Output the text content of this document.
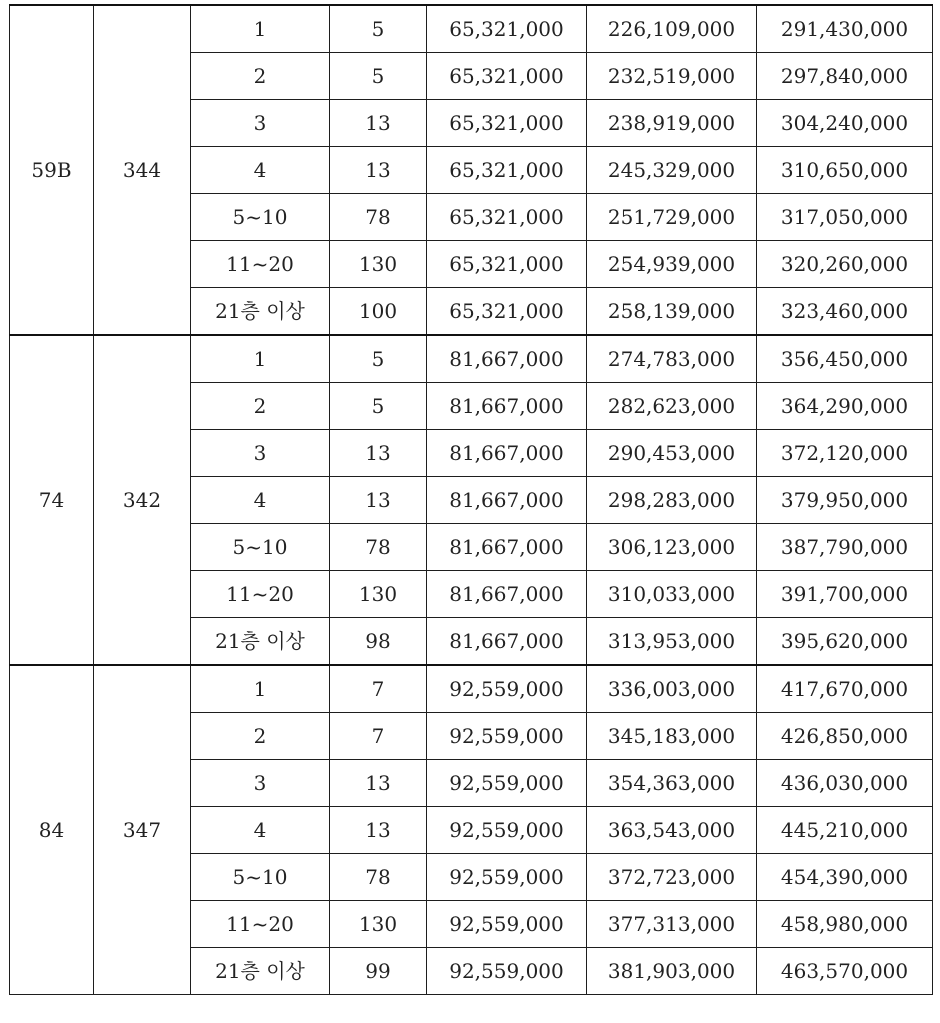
59B	344	1	5	65,321,000	226,109,000	291,430,000
		2	5	65,321,000	232,519,000	297,840,000
		3	13	65,321,000	238,919,000	304,240,000
		4	13	65,321,000	245,329,000	310,650,000
		5~10	78	65,321,000	251,729,000	317,050,000
		11~20	130	65,321,000	254,939,000	320,260,000
		21층 이상	100	65,321,000	258,139,000	323,460,000
74	342	1	5	81,667,000	274,783,000	356,450,000
		2	5	81,667,000	282,623,000	364,290,000
		3	13	81,667,000	290,453,000	372,120,000
		4	13	81,667,000	298,283,000	379,950,000
		5~10	78	81,667,000	306,123,000	387,790,000
		11~20	130	81,667,000	310,033,000	391,700,000
		21층 이상	98	81,667,000	313,953,000	395,620,000
84	347	1	7	92,559,000	336,003,000	417,670,000
		2	7	92,559,000	345,183,000	426,850,000
		3	13	92,559,000	354,363,000	436,030,000
		4	13	92,559,000	363,543,000	445,210,000
		5~10	78	92,559,000	372,723,000	454,390,000
		11~20	130	92,559,000	377,313,000	458,980,000
		21층 이상	99	92,559,000	381,903,000	463,570,000
